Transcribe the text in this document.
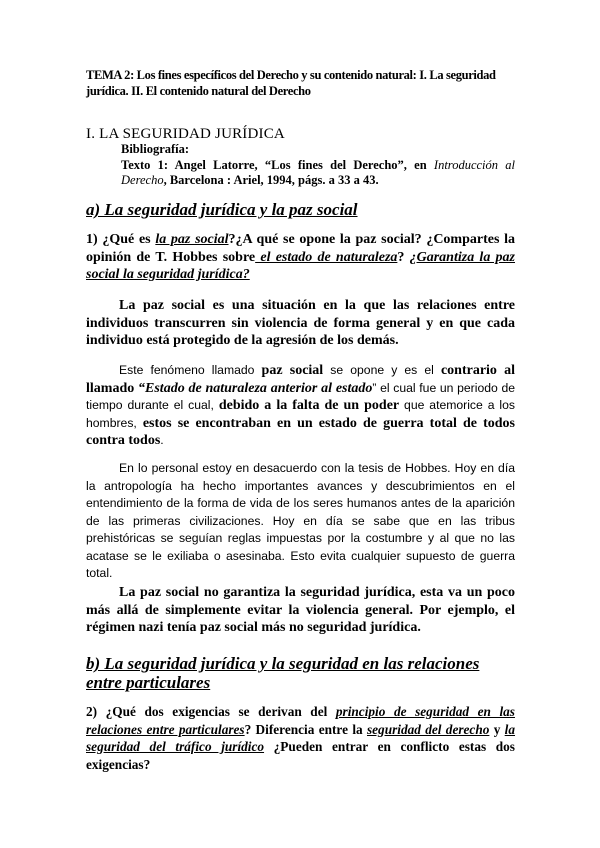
TEMA 2: Los fines específicos del Derecho y su contenido natural: I. La seguridad jurídica. II. El contenido natural del Derecho
I. LA SEGURIDAD JURÍDICA
Bibliografía:
Texto 1: Angel Latorre, “Los fines del Derecho”, en Introducción al Derecho, Barcelona : Ariel, 1994, págs. a 33 a 43.
a) La seguridad jurídica y la paz social
1) ¿Qué es la paz social?¿A qué se opone la paz social? ¿Compartes la opinión de T. Hobbes sobre el estado de naturaleza? ¿Garantiza la paz social la seguridad jurídica?
La paz social es una situación en la que las relaciones entre individuos transcurren sin violencia de forma general y en que cada individuo está protegido de la agresión de los demás.
Este fenómeno llamado paz social se opone y es el contrario al llamado “Estado de naturaleza anterior al estado” el cual fue un periodo de tiempo durante el cual, debido a la falta de un poder que atemorice a los hombres, estos se encontraban en un estado de guerra total de todos contra todos.
En lo personal estoy en desacuerdo con la tesis de Hobbes. Hoy en día la antropología ha hecho importantes avances y descubrimientos en el entendimiento de la forma de vida de los seres humanos antes de la aparición de las primeras civilizaciones. Hoy en día se sabe que en las tribus prehistóricas se seguían reglas impuestas por la costumbre y al que no las acatase se le exiliaba o asesinaba. Esto evita cualquier supuesto de guerra total.
La paz social no garantiza la seguridad jurídica, esta va un poco más allá de simplemente evitar la violencia general. Por ejemplo, el régimen nazi tenía paz social más no seguridad jurídica.
b) La seguridad jurídica y la seguridad en las relaciones entre particulares
2) ¿Qué dos exigencias se derivan del principio de seguridad en las relaciones entre particulares? Diferencia entre la seguridad del derecho y la seguridad del tráfico jurídico ¿Pueden entrar en conflicto estas dos exigencias?
